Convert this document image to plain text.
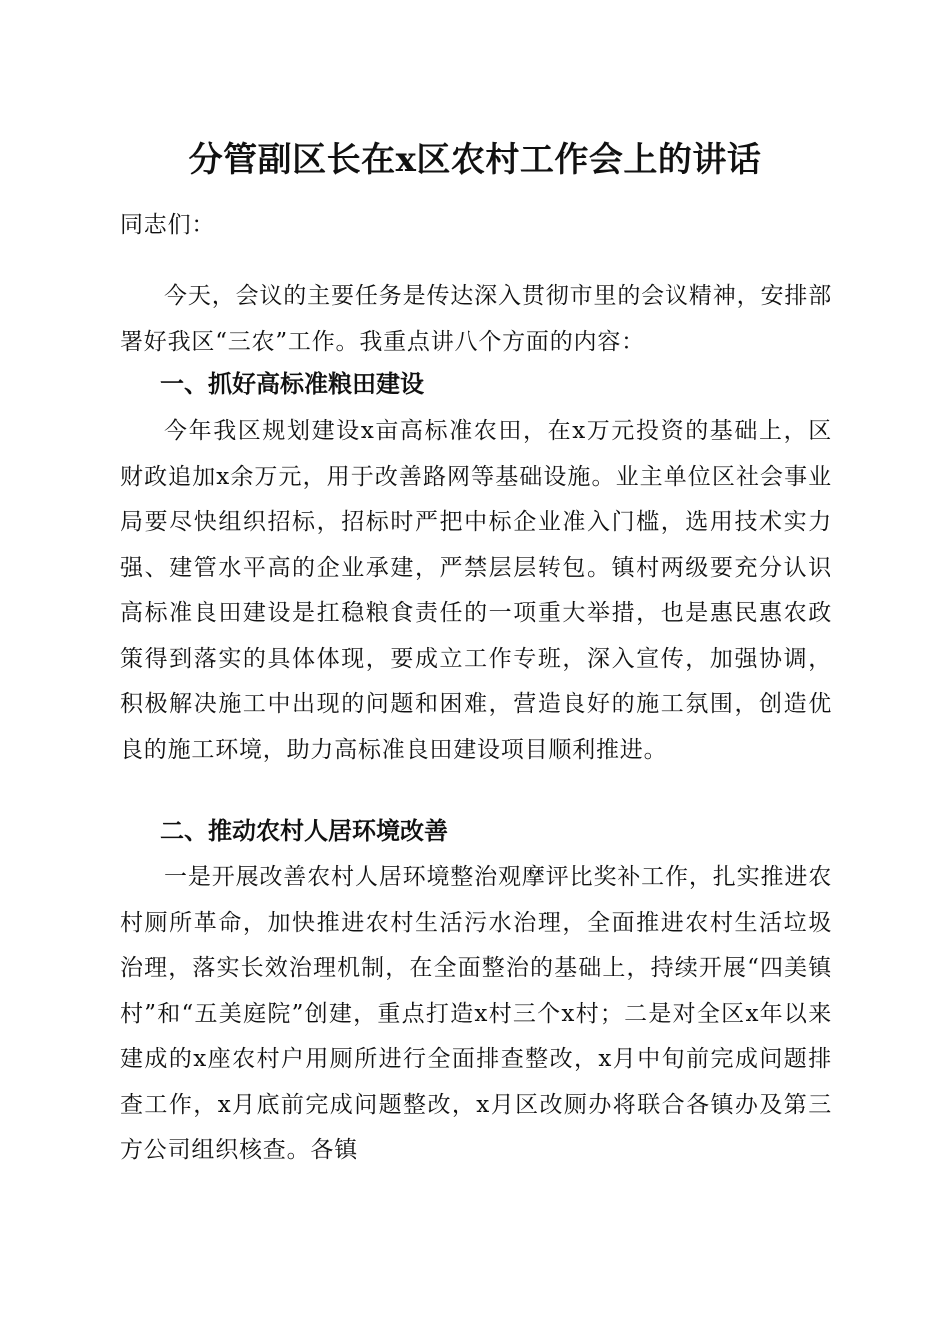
分管副区长在x区农村工作会上的讲话
同志们：
今天，会议的主要任务是传达深入贯彻市里的会议精神，安排部署好我区“三农”工作。我重点讲八个方面的内容：
一、抓好高标准粮田建设
今年我区规划建设x亩高标准农田，在x万元投资的基础上，区财政追加x余万元，用于改善路网等基础设施。业主单位区社会事业局要尽快组织招标，招标时严把中标企业准入门槛，选用技术实力强、建管水平高的企业承建，严禁层层转包。镇村两级要充分认识高标准良田建设是扛稳粮食责任的一项重大举措，也是惠民惠农政策得到落实的具体体现，要成立工作专班，深入宣传，加强协调，积极解决施工中出现的问题和困难，营造良好的施工氛围，创造优良的施工环境，助力高标准良田建设项目顺利推进。
二、推动农村人居环境改善
一是开展改善农村人居环境整治观摩评比奖补工作，扎实推进农村厕所革命，加快推进农村生活污水治理，全面推进农村生活垃圾治理，落实长效治理机制，在全面整治的基础上，持续开展“四美镇村”和“五美庭院”创建，重点打造x村三个x村；二是对全区x年以来建成的x座农村户用厕所进行全面排查整改，x月中旬前完成问题排查工作，x月底前完成问题整改，x月区改厕办将联合各镇办及第三方公司组织核查。各镇
